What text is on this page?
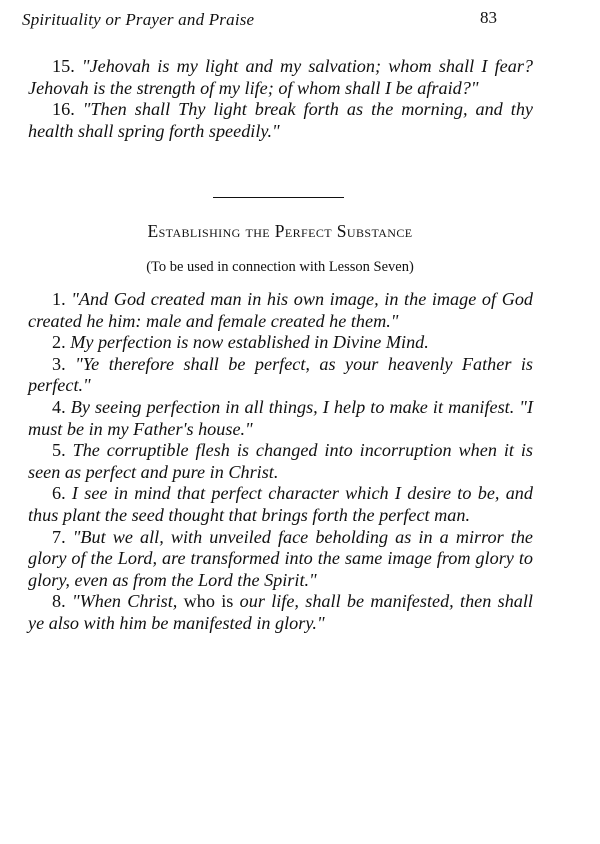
Spirituality or Prayer and Praise	83

15. "Jehovah is my light and my salvation; whom shall I fear? Jehovah is the strength of my life; of whom shall I be afraid?"

16. "Then shall Thy light break forth as the morning, and thy health shall spring forth speedily."

Establishing the Perfect Substance
(To be used in connection with Lesson Seven)

1. "And God created man in his own image, in the image of God created he him: male and female created he them."

2. My perfection is now established in Divine Mind.

3. "Ye therefore shall be perfect, as your heavenly Father is perfect."

4. By seeing perfection in all things, I help to make it manifest. "I must be in my Father's house."

5. The corruptible flesh is changed into incorruption when it is seen as perfect and pure in Christ.

6. I see in mind that perfect character which I desire to be, and thus plant the seed thought that brings forth the perfect man.

7. "But we all, with unveiled face beholding as in a mirror the glory of the Lord, are transformed into the same image from glory to glory, even as from the Lord the Spirit."

8. "When Christ, who is our life, shall be manifested, then shall ye also with him be manifested in glory."
